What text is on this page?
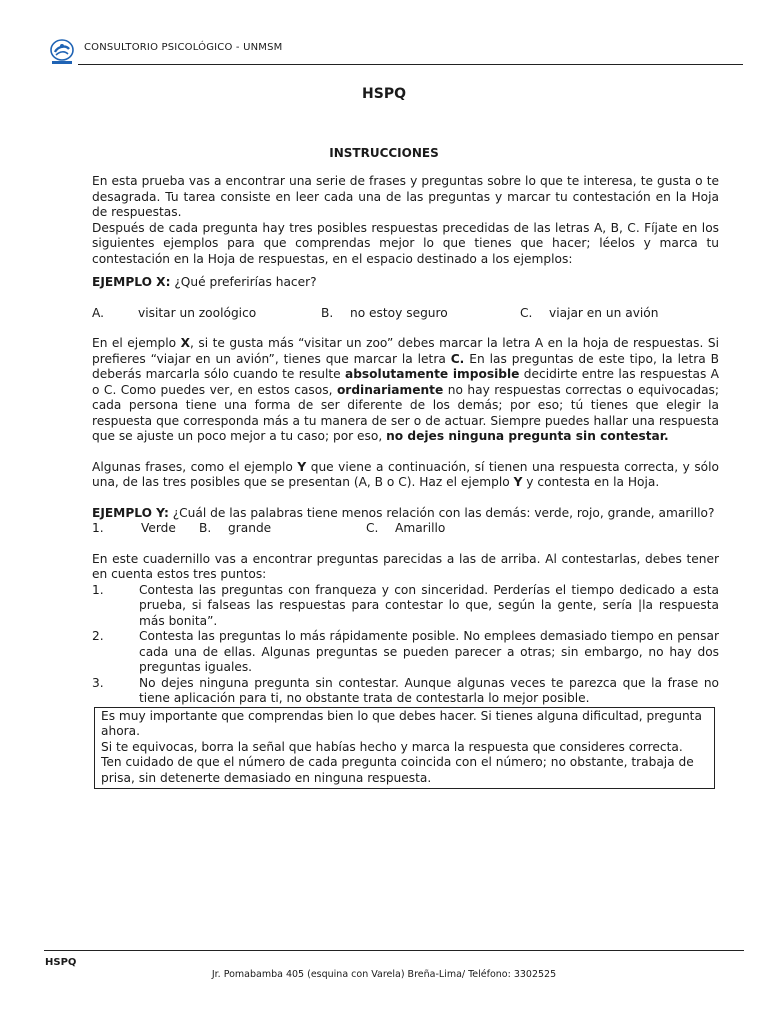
CONSULTORIO PSICOLÓGICO - UNMSM
HSPQ
INSTRUCCIONES

En esta prueba vas a encontrar una serie de frases y preguntas sobre lo que te interesa, te gusta o te desagrada. Tu tarea consiste en leer cada una de las preguntas y marcar tu contestación en la Hoja de respuestas.

Después de cada pregunta hay tres posibles respuestas precedidas de las letras A, B, C. Fíjate en los siguientes ejemplos para que comprendas mejor lo que tienes que hacer; léelos y marca tu contestación en la Hoja de respuestas, en el espacio destinado a los ejemplos:

EJEMPLO X: ¿Qué preferirías hacer?

A.	visitar un zoológico	B.	no estoy seguro	C.	viajar en un avión

En el ejemplo X, si te gusta más “visitar un zoo” debes marcar la letra A en la hoja de respuestas. Si prefieres “viajar en un avión”, tienes que marcar la letra C. En las preguntas de este tipo, la letra B deberás marcarla sólo cuando te resulte absolutamente imposible decidirte entre las respuestas A o C. Como puedes ver, en estos casos, ordinariamente no hay respuestas correctas o equivocadas; cada persona tiene una forma de ser diferente de los demás; por eso; tú tienes que elegir la respuesta que corresponda más a tu manera de ser o de actuar. Siempre puedes hallar una respuesta que se ajuste un poco mejor a tu caso; por eso, no dejes ninguna pregunta sin contestar.

Algunas frases, como el ejemplo Y que viene a continuación, sí tienen una respuesta correcta, y sólo una, de las tres posibles que se presentan (A, B o C). Haz el ejemplo Y y contesta en la Hoja.

EJEMPLO Y: ¿Cuál de las palabras tiene menos relación con las demás: verde, rojo, grande, amarillo?

1.	Verde	B.	grande	C.	Amarillo

En este cuadernillo vas a encontrar preguntas parecidas a las de arriba. Al contestarlas, debes tener en cuenta estos tres puntos:

1.	Contesta las preguntas con franqueza y con sinceridad. Perderías el tiempo dedicado a esta prueba, si falseas las respuestas para contestar lo que, según la gente, sería |la respuesta más bonita”.
2.	Contesta las preguntas lo más rápidamente posible. No emplees demasiado tiempo en pensar cada una de ellas. Algunas preguntas se pueden parecer a otras; sin embargo, no hay dos preguntas iguales.
3.	No dejes ninguna pregunta sin contestar. Aunque algunas veces te parezca que la frase no tiene aplicación para ti, no obstante trata de contestarla lo mejor posible.
Es muy importante que comprendas bien lo que debes hacer. Si tienes alguna dificultad, pregunta ahora.
Si te equivocas, borra la señal que habías hecho y marca la respuesta que consideres correcta.
Ten cuidado de que el número de cada pregunta coincida con el número; no obstante, trabaja de prisa, sin detenerte demasiado en ninguna respuesta.
HSPQ
Jr. Pomabamba 405 (esquina con Varela) Breña-Lima/ Teléfono: 3302525
